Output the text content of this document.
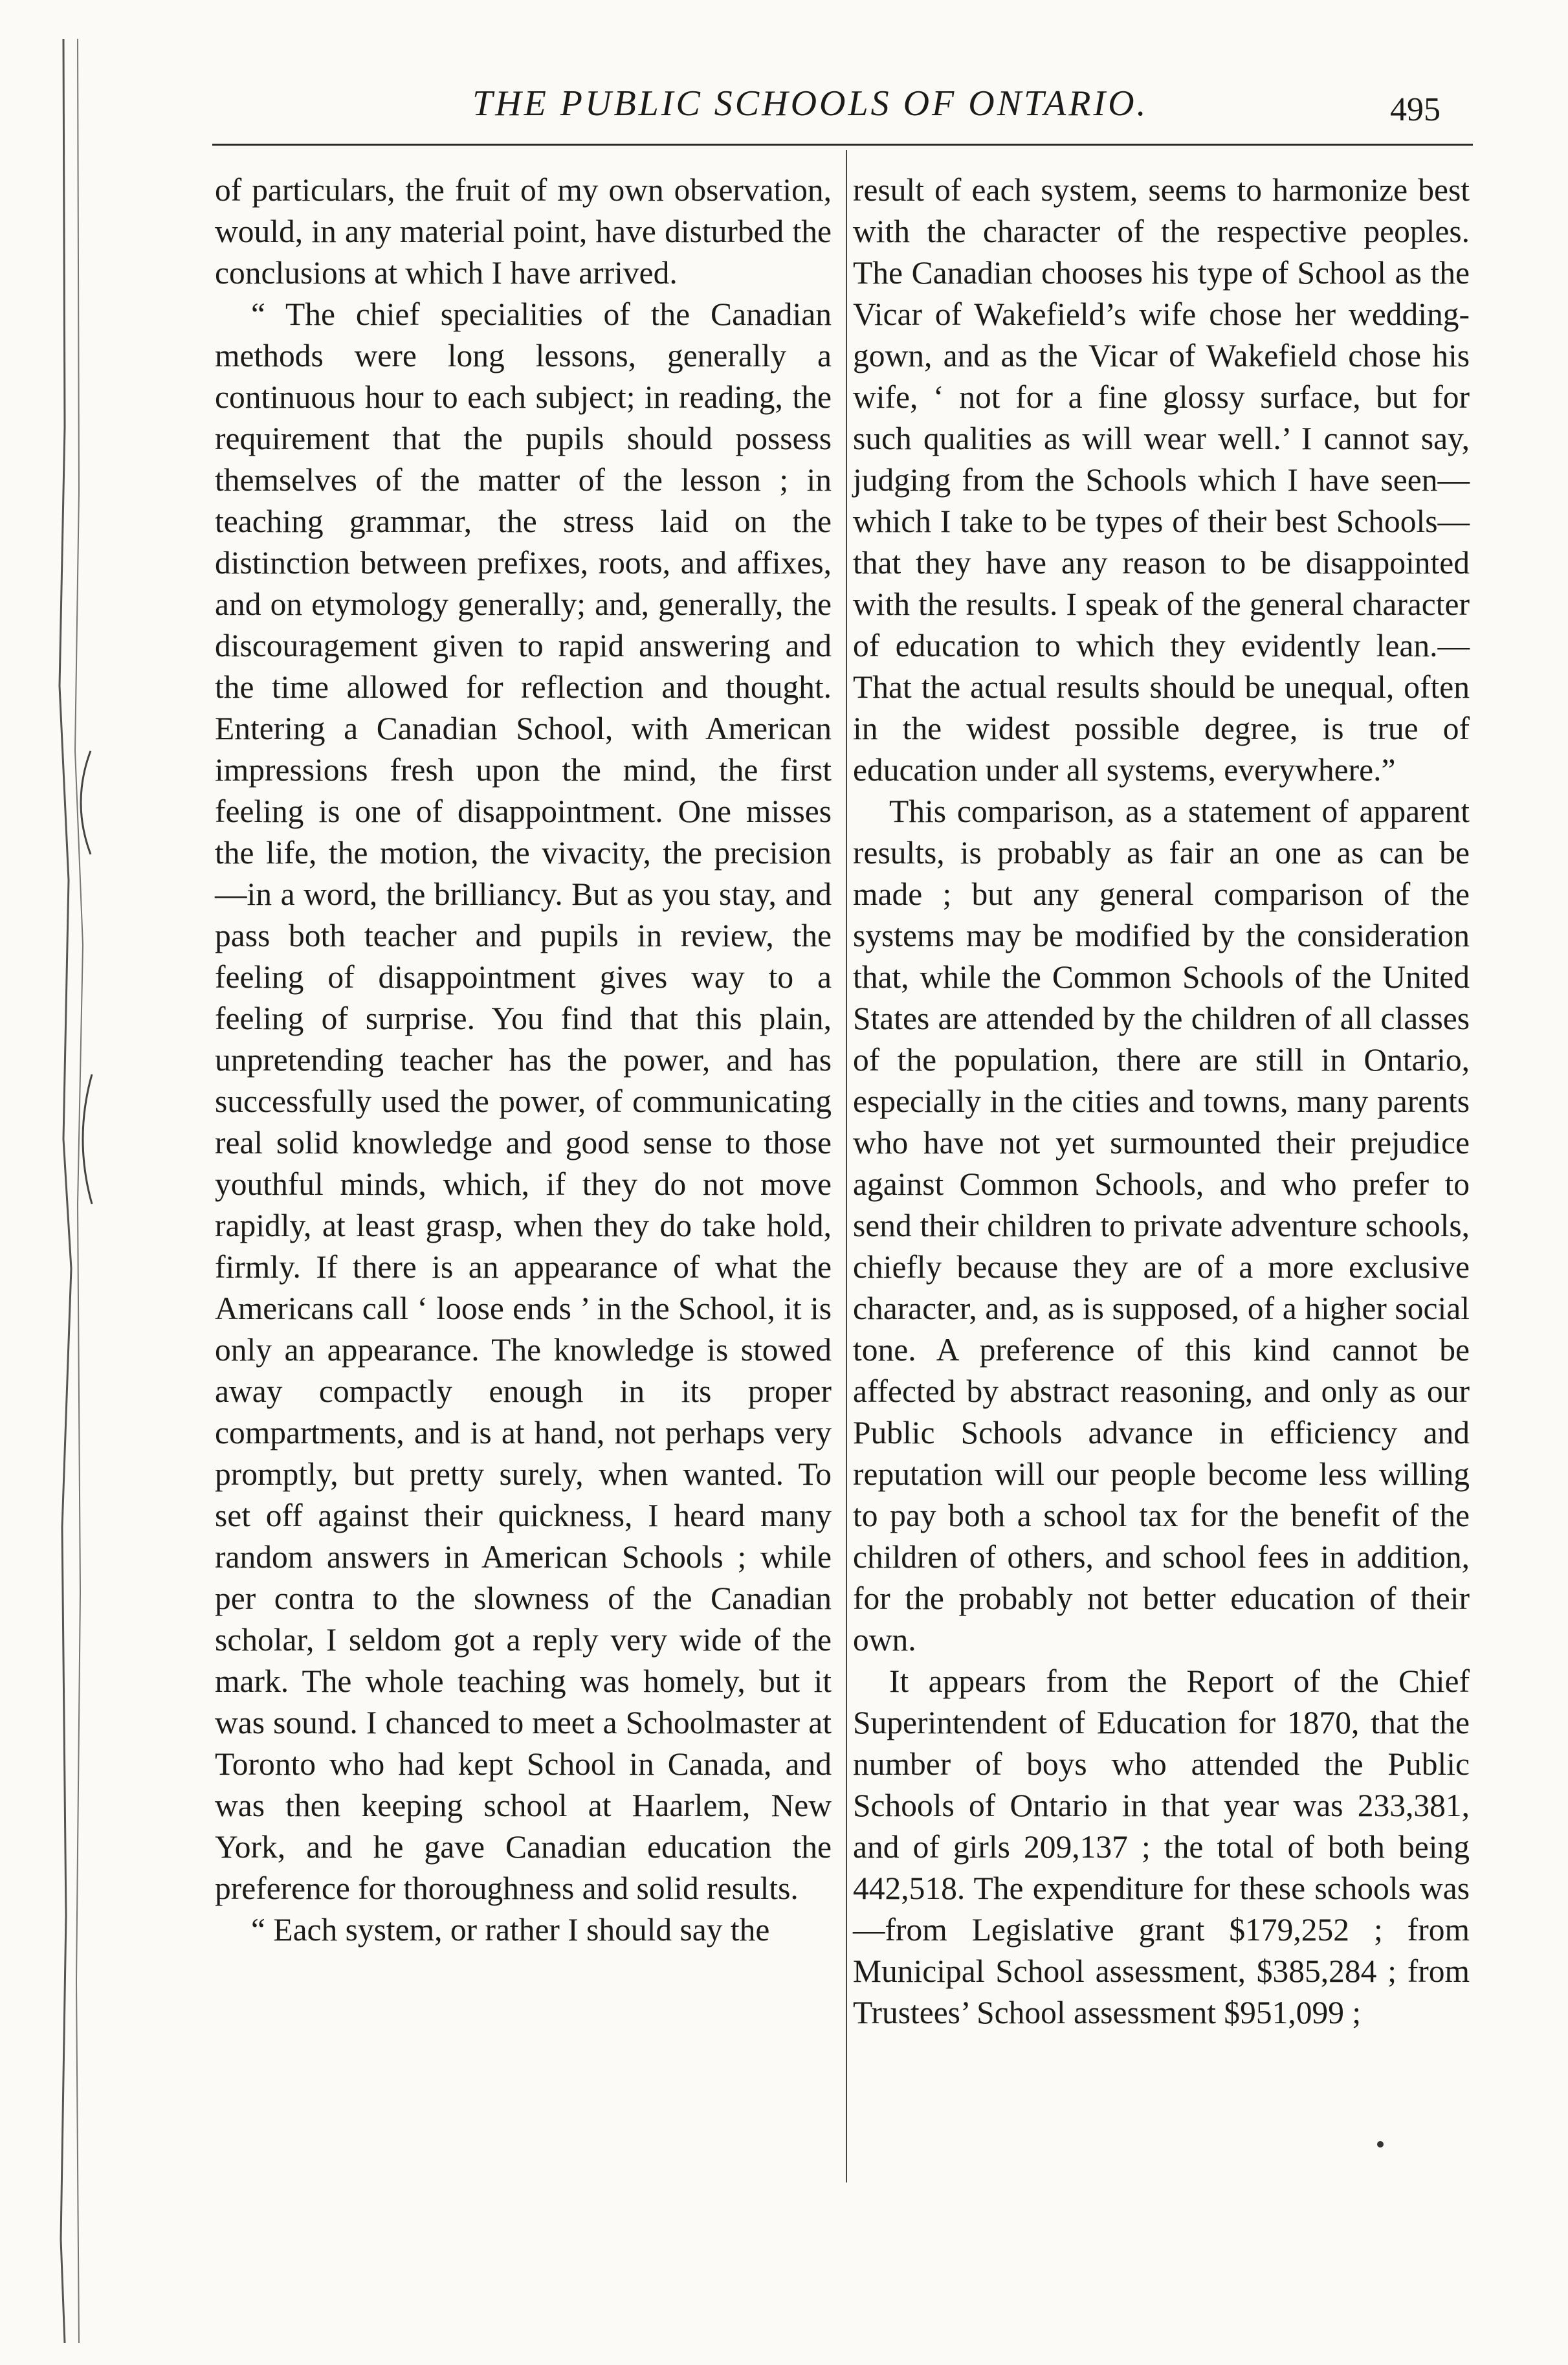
THE PUBLIC SCHOOLS OF ONTARIO.	495

of particulars, the fruit of my own observation, would, in any material point, have disturbed the conclusions at which I have arrived.

“ The chief specialities of the Canadian methods were long lessons, generally a continuous hour to each subject; in reading, the requirement that the pupils should possess themselves of the matter of the lesson ; in teaching grammar, the stress laid on the distinction between prefixes, roots, and affixes, and on etymology generally; and, generally, the discouragement given to rapid answering and the time allowed for reflection and thought. Entering a Canadian School, with American impressions fresh upon the mind, the first feeling is one of disappointment. One misses the life, the motion, the vivacity, the precision—in a word, the brilliancy. But as you stay, and pass both teacher and pupils in review, the feeling of disappointment gives way to a feeling of surprise. You find that this plain, unpretending teacher has the power, and has successfully used the power, of communicating real solid knowledge and good sense to those youthful minds, which, if they do not move rapidly, at least grasp, when they do take hold, firmly. If there is an appearance of what the Americans call ‘ loose ends ’ in the School, it is only an appearance. The knowledge is stowed away compactly enough in its proper compartments, and is at hand, not perhaps very promptly, but pretty surely, when wanted. To set off against their quickness, I heard many random answers in American Schools ; while per contra to the slowness of the Canadian scholar, I seldom got a reply very wide of the mark. The whole teaching was homely, but it was sound. I chanced to meet a Schoolmaster at Toronto who had kept School in Canada, and was then keeping school at Haarlem, New York, and he gave Canadian education the preference for thoroughness and solid results.

“ Each system, or rather I should say the

result of each system, seems to harmonize best with the character of the respective peoples. The Canadian chooses his type of School as the Vicar of Wakefield’s wife chose her wedding-gown, and as the Vicar of Wakefield chose his wife, ‘ not for a fine glossy surface, but for such qualities as will wear well.’ I cannot say, judging from the Schools which I have seen—which I take to be types of their best Schools—that they have any reason to be disappointed with the results. I speak of the general character of education to which they evidently lean.—That the actual results should be unequal, often in the widest possible degree, is true of education under all systems, everywhere.”

This comparison, as a statement of apparent results, is probably as fair an one as can be made ; but any general comparison of the systems may be modified by the consideration that, while the Common Schools of the United States are attended by the children of all classes of the population, there are still in Ontario, especially in the cities and towns, many parents who have not yet surmounted their prejudice against Common Schools, and who prefer to send their children to private adventure schools, chiefly because they are of a more exclusive character, and, as is supposed, of a higher social tone. A preference of this kind cannot be affected by abstract reasoning, and only as our Public Schools advance in efficiency and reputation will our people become less willing to pay both a school tax for the benefit of the children of others, and school fees in addition, for the probably not better education of their own.

It appears from the Report of the Chief Superintendent of Education for 1870, that the number of boys who attended the Public Schools of Ontario in that year was 233,381, and of girls 209,137 ; the total of both being 442,518. The expenditure for these schools was—from Legislative grant $179,252 ; from Municipal School assessment, $385,284 ; from Trustees’ School assessment $951,099 ;
